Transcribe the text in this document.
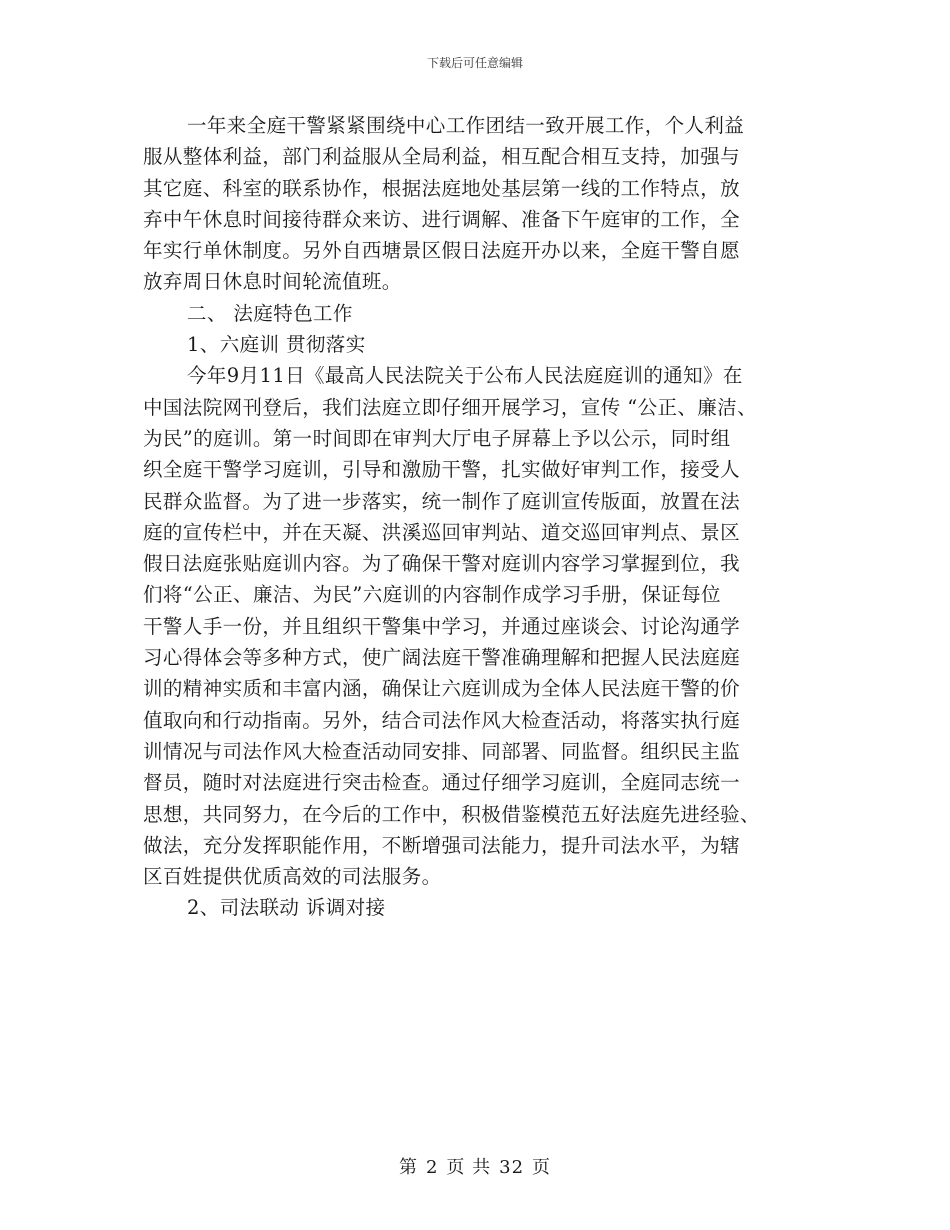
下载后可任意编辑
一年来全庭干警紧紧围绕中心工作团结一致开展工作，个人利益
服从整体利益，部门利益服从全局利益，相互配合相互支持，加强与
其它庭、科室的联系协作，根据法庭地处基层第一线的工作特点，放
弃中午休息时间接待群众来访、进行调解、准备下午庭审的工作，全
年实行单休制度。另外自西塘景区假日法庭开办以来，全庭干警自愿
放弃周日休息时间轮流值班。
二、 法庭特色工作
1、六庭训 贯彻落实
今年9月11日《最高人民法院关于公布人民法庭庭训的通知》在
中国法院网刊登后，我们法庭立即仔细开展学习，宣传 “公正、廉洁、
为民”的庭训。第一时间即在审判大厅电子屏幕上予以公示，同时组
织全庭干警学习庭训，引导和激励干警，扎实做好审判工作，接受人
民群众监督。为了进一步落实，统一制作了庭训宣传版面，放置在法
庭的宣传栏中，并在天凝、洪溪巡回审判站、道交巡回审判点、景区
假日法庭张贴庭训内容。为了确保干警对庭训内容学习掌握到位，我
们将“公正、廉洁、为民”六庭训的内容制作成学习手册，保证每位
干警人手一份，并且组织干警集中学习，并通过座谈会、讨论沟通学
习心得体会等多种方式，使广阔法庭干警准确理解和把握人民法庭庭
训的精神实质和丰富内涵，确保让六庭训成为全体人民法庭干警的价
值取向和行动指南。另外，结合司法作风大检查活动，将落实执行庭
训情况与司法作风大检查活动同安排、同部署、同监督。组织民主监
督员，随时对法庭进行突击检查。通过仔细学习庭训，全庭同志统一
思想，共同努力，在今后的工作中，积极借鉴模范五好法庭先进经验、
做法，充分发挥职能作用，不断增强司法能力，提升司法水平，为辖
区百姓提供优质高效的司法服务。
2、司法联动 诉调对接
第 2 页 共 32 页
